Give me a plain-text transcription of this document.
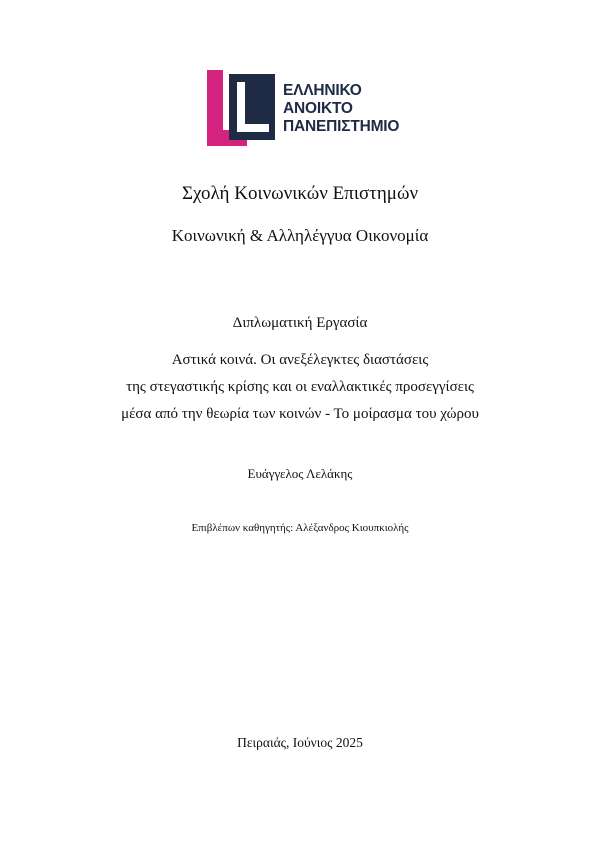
ΕΛΛΗΝΙΚΟ
ΑΝΟΙΚΤΟ
ΠΑΝΕΠΙΣΤΗΜΙΟ
Σχολή Κοινωνικών Επιστημών
Κοινωνική & Αλληλέγγυα Οικονομία
Διπλωματική Εργασία
Αστικά κοινά. Οι ανεξέλεγκτες διαστάσεις
της στεγαστικής κρίσης και οι εναλλακτικές προσεγγίσεις
μέσα από την θεωρία των κοινών - Το μοίρασμα του χώρου
Ευάγγελος Λελάκης
Επιβλέπων καθηγητής: Αλέξανδρος Κιουπκιολής
Πειραιάς, Ιούνιος 2025
